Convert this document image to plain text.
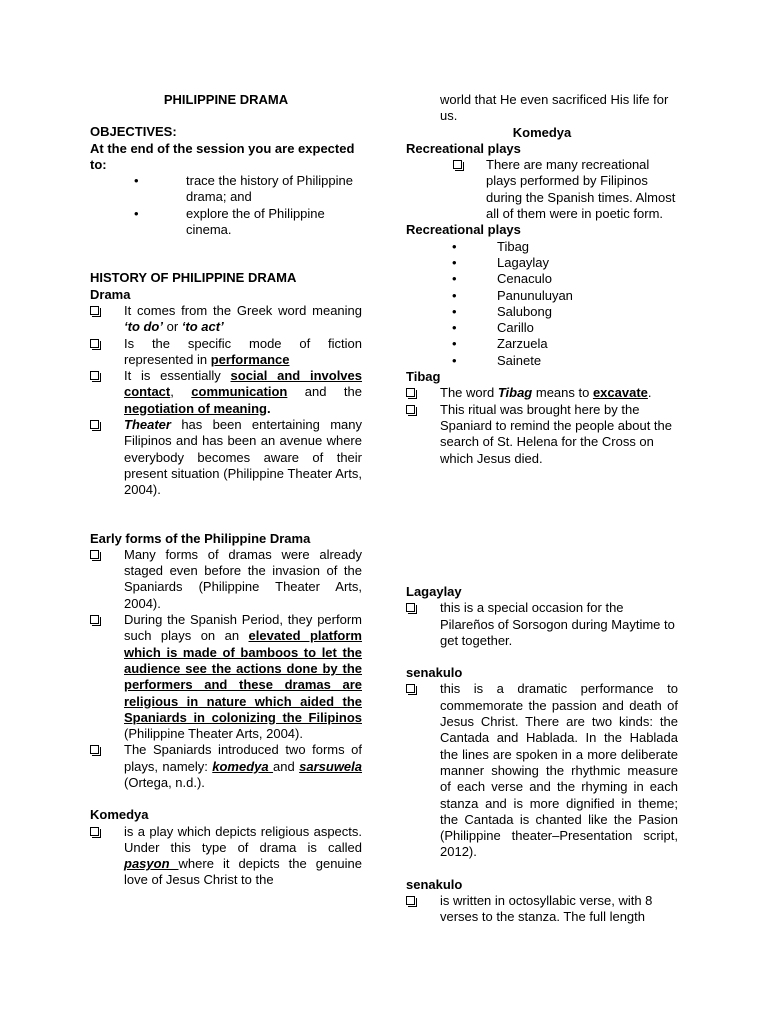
PHILIPPINE DRAMA
OBJECTIVES:
At the end of the session you are expected to:
•	trace the history of Philippine drama; and
•	explore the of Philippine cinema.
HISTORY OF PHILIPPINE DRAMA
Drama
It comes from the Greek word meaning ‘to do’ or ‘to act’
Is the specific mode of fiction represented in performance
It is essentially social and involves contact, communication and the negotiation of meaning.
Theater has been entertaining many Filipinos and has been an avenue where everybody becomes aware of their present situation (Philippine Theater Arts, 2004).
Early forms of the Philippine Drama
Many forms of dramas were already staged even before the invasion of the Spaniards (Philippine Theater Arts, 2004).
During the Spanish Period, they perform such plays on an elevated platform which is made of bamboos to let the audience see the actions done by the performers and these dramas are religious in nature which aided the Spaniards in colonizing the Filipinos (Philippine Theater Arts, 2004).
The Spaniards introduced two forms of plays, namely: komedya and sarsuwela (Ortega, n.d.).
Komedya
is a play which depicts religious aspects. Under this type of drama is called pasyon where it depicts the genuine love of Jesus Christ to the
world that He even sacrificed His life for us.
Komedya
Recreational plays
There are many recreational plays performed by Filipinos during the Spanish times. Almost all of them were in poetic form.
Recreational plays
•	Tibag
•	Lagaylay
•	Cenaculo
•	Panunuluyan
•	Salubong
•	Carillo
•	Zarzuela
•	Sainete
Tibag
The word Tibag means to excavate.
This ritual was brought here by the Spaniard to remind the people about the search of St. Helena for the Cross on which Jesus died.
Lagaylay
this is a special occasion for the Pilareños of Sorsogon during Maytime to get together.
senakulo
this is a dramatic performance to commemorate the passion and death of Jesus Christ. There are two kinds: the Cantada and Hablada. In the Hablada the lines are spoken in a more deliberate manner showing the rhythmic measure of each verse and the rhyming in each stanza and is more dignified in theme; the Cantada is chanted like the Pasion (Philippine theater–Presentation script, 2012).
senakulo
is written in octosyllabic verse, with 8 verses to the stanza. The full length
